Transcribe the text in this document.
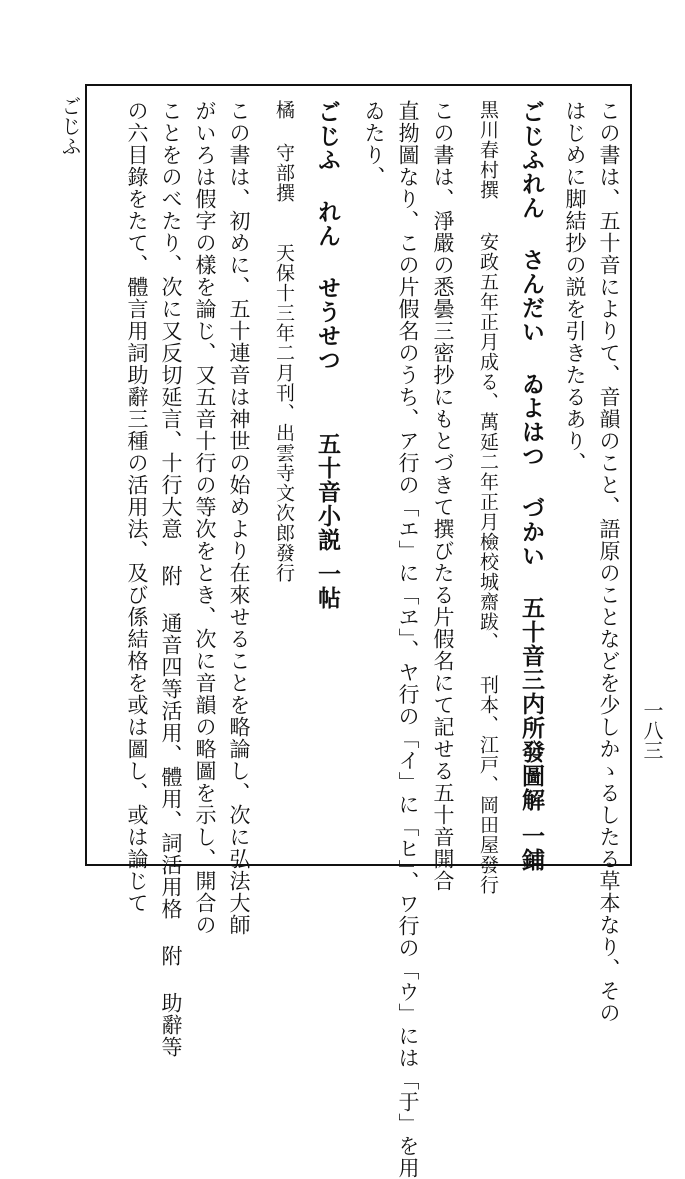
ごじふ
一八三
この書は、五十音によりて、音韻のこと、語原のことなどを少しかゝるしたる草本なり、その
はじめに脚結抄の説を引きたるあり、
ごじふれん さんだい ゐよはつ づかい五十音三内所發圖解一鋪
黒川春村撰安政五年正月成る、萬延二年正月檢校城齋跋、 刊本、江戸、岡田屋發行
この書は、淨嚴の悉曇三密抄にもとづきて撰びたる片假名にて記せる五十音開合
直拗圖なり、この片假名のうち、ア行の「エ」に「ヱ」、ヤ行の「イ」に「ヒ」、ワ行の「ウ」には「于」を用
ゐたり、
ごじふ れん せうせつ五十音小説一帖
橘 守部撰天保十三年二月刊、出雲寺文次郎發行
この書は、初めに、五十連音は神世の始めより在來せることを略論し、次に弘法大師
がいろは假字の樣を論じ、又五音十行の等次をとき、次に音韻の略圖を示し、開合の
ことをのべたり、次に又反切延言、十行大意 附 通音四等活用、體用、詞活用格 附 助辭等
の六目錄をたて、體言用詞助辭三種の活用法、及び係結格を或は圖し、或は論じて
